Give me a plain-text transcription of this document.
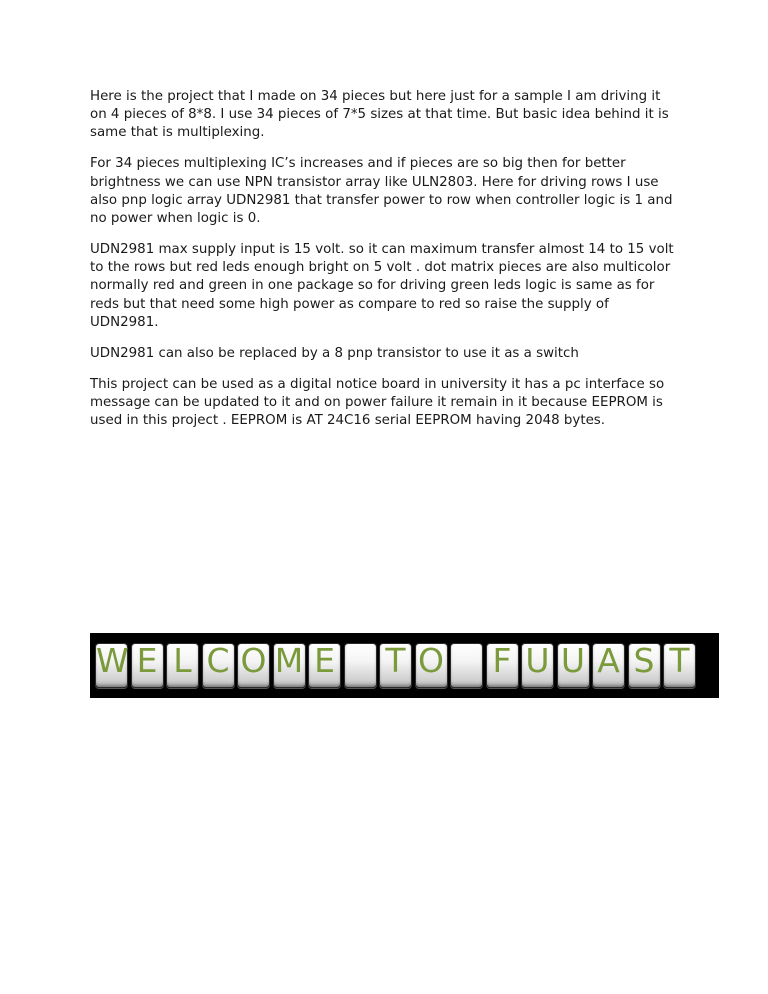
Here is the project that I made on 34 pieces but here just for a sample I am driving it on 4 pieces of 8*8. I use 34 pieces of 7*5 sizes at that time. But basic idea behind it is same that is multiplexing.

For 34 pieces multiplexing IC’s increases and if pieces are so big then for better brightness we can use NPN transistor array like ULN2803. Here for driving rows I use also pnp logic array UDN2981 that transfer power to row when controller logic is 1 and no power when logic is 0.

UDN2981 max supply input is 15 volt. so it can maximum transfer almost 14 to 15 volt to the rows but red leds enough bright on 5 volt . dot matrix pieces are also multicolor normally red and green in one package so for driving green leds logic is same as for reds but that need some high power as compare to red so raise the supply of UDN2981.

UDN2981 can also be replaced by a 8 pnp transistor to use it as a switch

This project can be used as a digital notice board in university it has a pc interface so message can be updated to it and on power failure it remain in it because EEPROM is used in this project . EEPROM is AT 24C16 serial EEPROM having 2048 bytes.

W E L C O M E T O F U U A S T
